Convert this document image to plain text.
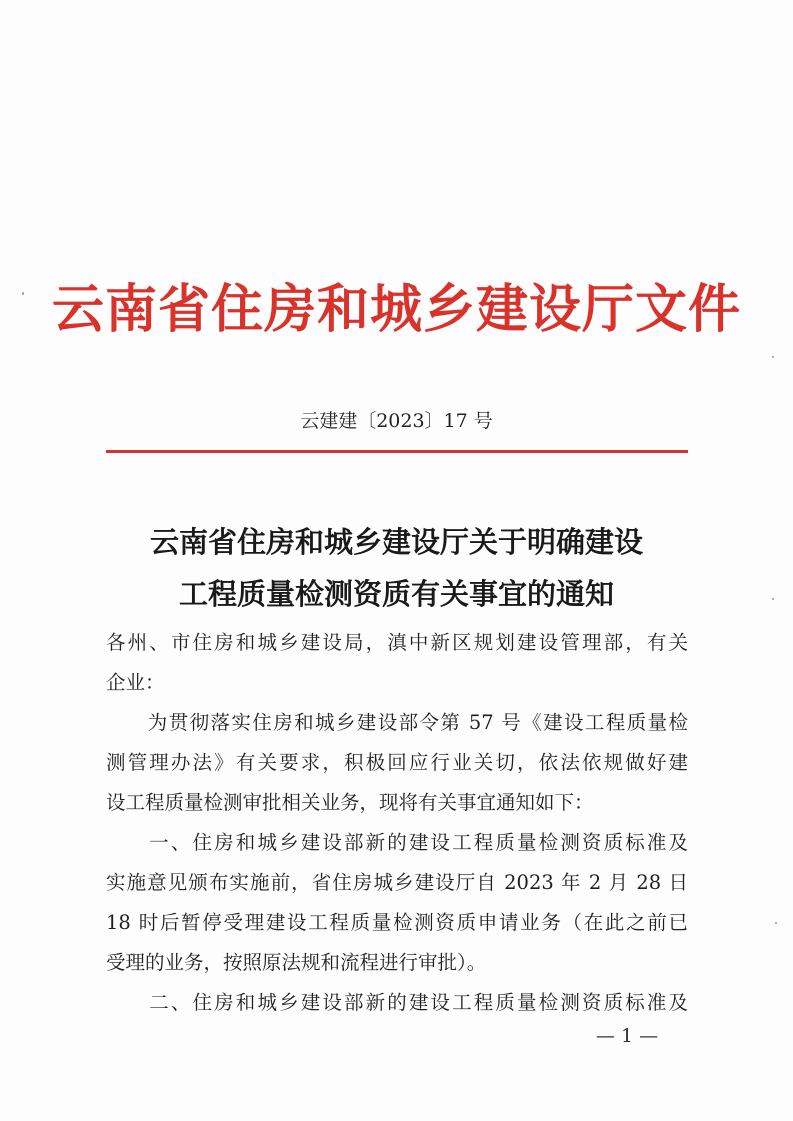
云南省住房和城乡建设厅文件
云建建〔2023〕17 号
云南省住房和城乡建设厅关于明确建设
工程质量检测资质有关事宜的通知
各州、市住房和城乡建设局，滇中新区规划建设管理部，有关
企业：
　　为贯彻落实住房和城乡建设部令第 57 号《建设工程质量检
测管理办法》有关要求，积极回应行业关切，依法依规做好建
设工程质量检测审批相关业务，现将有关事宜通知如下：
　　一、住房和城乡建设部新的建设工程质量检测资质标准及
实施意见颁布实施前，省住房城乡建设厅自 2023 年 2 月 28 日
18 时后暂停受理建设工程质量检测资质申请业务（在此之前已
受理的业务，按照原法规和流程进行审批）。
　　二、住房和城乡建设部新的建设工程质量检测资质标准及
— 1 —
